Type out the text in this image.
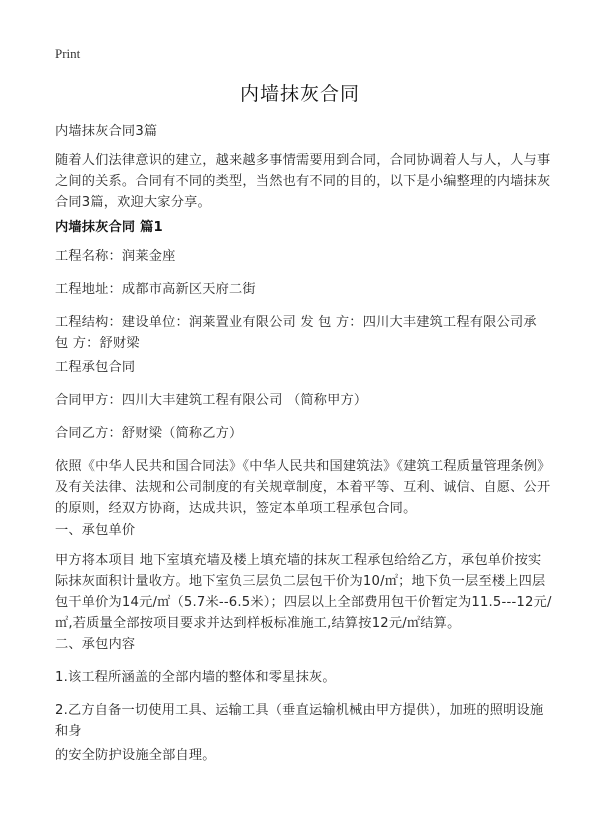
Print
内墙抹灰合同
内墙抹灰合同3篇
随着人们法律意识的建立，越来越多事情需要用到合同，合同协调着人与人，人与事之间的关系。合同有不同的类型，当然也有不同的目的，以下是小编整理的内墙抹灰合同3篇，欢迎大家分享。
内墙抹灰合同 篇1
工程名称：润莱金座
工程地址：成都市高新区天府二街
工程结构：建设单位：润莱置业有限公司 发 包 方：四川大丰建筑工程有限公司承 包 方：舒财梁
工程承包合同
合同甲方：四川大丰建筑工程有限公司 （简称甲方）
合同乙方：舒财梁（简称乙方）
依照《中华人民共和国合同法》《中华人民共和国建筑法》《建筑工程质量管理条例》及有关法律、法规和公司制度的有关规章制度，本着平等、互利、诚信、自愿、公开的原则，经双方协商，达成共识，签定本单项工程承包合同。
一、承包单价
甲方将本项目 地下室填充墙及楼上填充墙的抹灰工程承包给给乙方，承包单价按实际抹灰面积计量收方。地下室负三层负二层包干价为10/㎡；地下负一层至楼上四层包干单价为14元/㎡（5.7米--6.5米）；四层以上全部费用包干价暂定为11.5---12元/㎡,若质量全部按项目要求并达到样板标准施工,结算按12元/㎡结算。
二、承包内容
1.该工程所涵盖的全部内墙的整体和零星抹灰。
2.乙方自备一切使用工具、运输工具（垂直运输机械由甲方提供），加班的照明设施和身
的安全防护设施全部自理。
